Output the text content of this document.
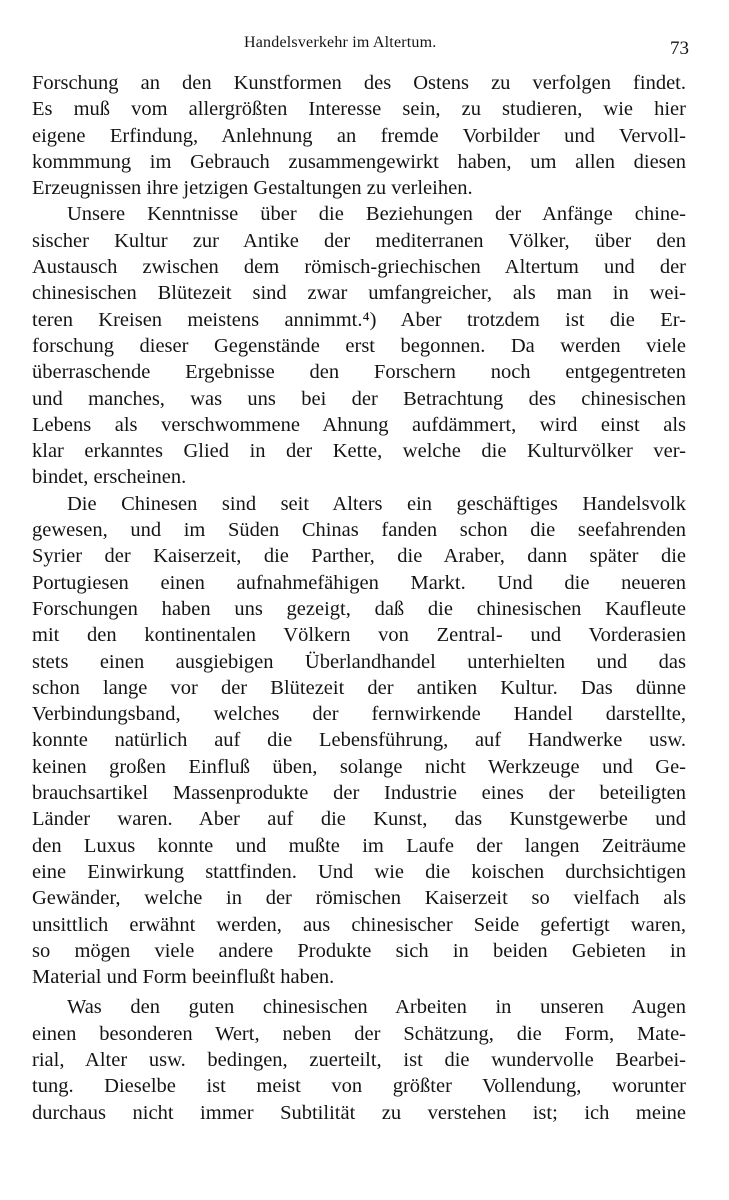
Handelsverkehr im Altertum.	73
Forschung an den Kunstformen des Ostens zu verfolgen findet.
Es muß vom allergrößten Interesse sein, zu studieren, wie hier
eigene Erfindung, Anlehnung an fremde Vorbilder und Vervoll-
kommmung im Gebrauch zusammengewirkt haben, um allen diesen
Erzeugnissen ihre jetzigen Gestaltungen zu verleihen.
Unsere Kenntnisse über die Beziehungen der Anfänge chine-
sischer Kultur zur Antike der mediterranen Völker, über den
Austausch zwischen dem römisch-griechischen Altertum und der
chinesischen Blütezeit sind zwar umfangreicher, als man in wei-
teren Kreisen meistens annimmt.⁴) Aber trotzdem ist die Er-
forschung dieser Gegenstände erst begonnen. Da werden viele
überraschende Ergebnisse den Forschern noch entgegentreten
und manches, was uns bei der Betrachtung des chinesischen
Lebens als verschwommene Ahnung aufdämmert, wird einst als
klar erkanntes Glied in der Kette, welche die Kulturvölker ver-
bindet, erscheinen.
Die Chinesen sind seit Alters ein geschäftiges Handelsvolk
gewesen, und im Süden Chinas fanden schon die seefahrenden
Syrier der Kaiserzeit, die Parther, die Araber, dann später die
Portugiesen einen aufnahmefähigen Markt. Und die neueren
Forschungen haben uns gezeigt, daß die chinesischen Kaufleute
mit den kontinentalen Völkern von Zentral- und Vorderasien
stets einen ausgiebigen Überlandhandel unterhielten und das
schon lange vor der Blütezeit der antiken Kultur. Das dünne
Verbindungsband, welches der fernwirkende Handel darstellte,
konnte natürlich auf die Lebensführung, auf Handwerke usw.
keinen großen Einfluß üben, solange nicht Werkzeuge und Ge-
brauchsartikel Massenprodukte der Industrie eines der beteiligten
Länder waren. Aber auf die Kunst, das Kunstgewerbe und
den Luxus konnte und mußte im Laufe der langen Zeiträume
eine Einwirkung stattfinden. Und wie die koischen durchsichtigen
Gewänder, welche in der römischen Kaiserzeit so vielfach als
unsittlich erwähnt werden, aus chinesischer Seide gefertigt waren,
so mögen viele andere Produkte sich in beiden Gebieten in
Material und Form beeinflußt haben.
Was den guten chinesischen Arbeiten in unseren Augen
einen besonderen Wert, neben der Schätzung, die Form, Mate-
rial, Alter usw. bedingen, zuerteilt, ist die wundervolle Bearbei-
tung. Dieselbe ist meist von größter Vollendung, worunter
durchaus nicht immer Subtilität zu verstehen ist; ich meine
